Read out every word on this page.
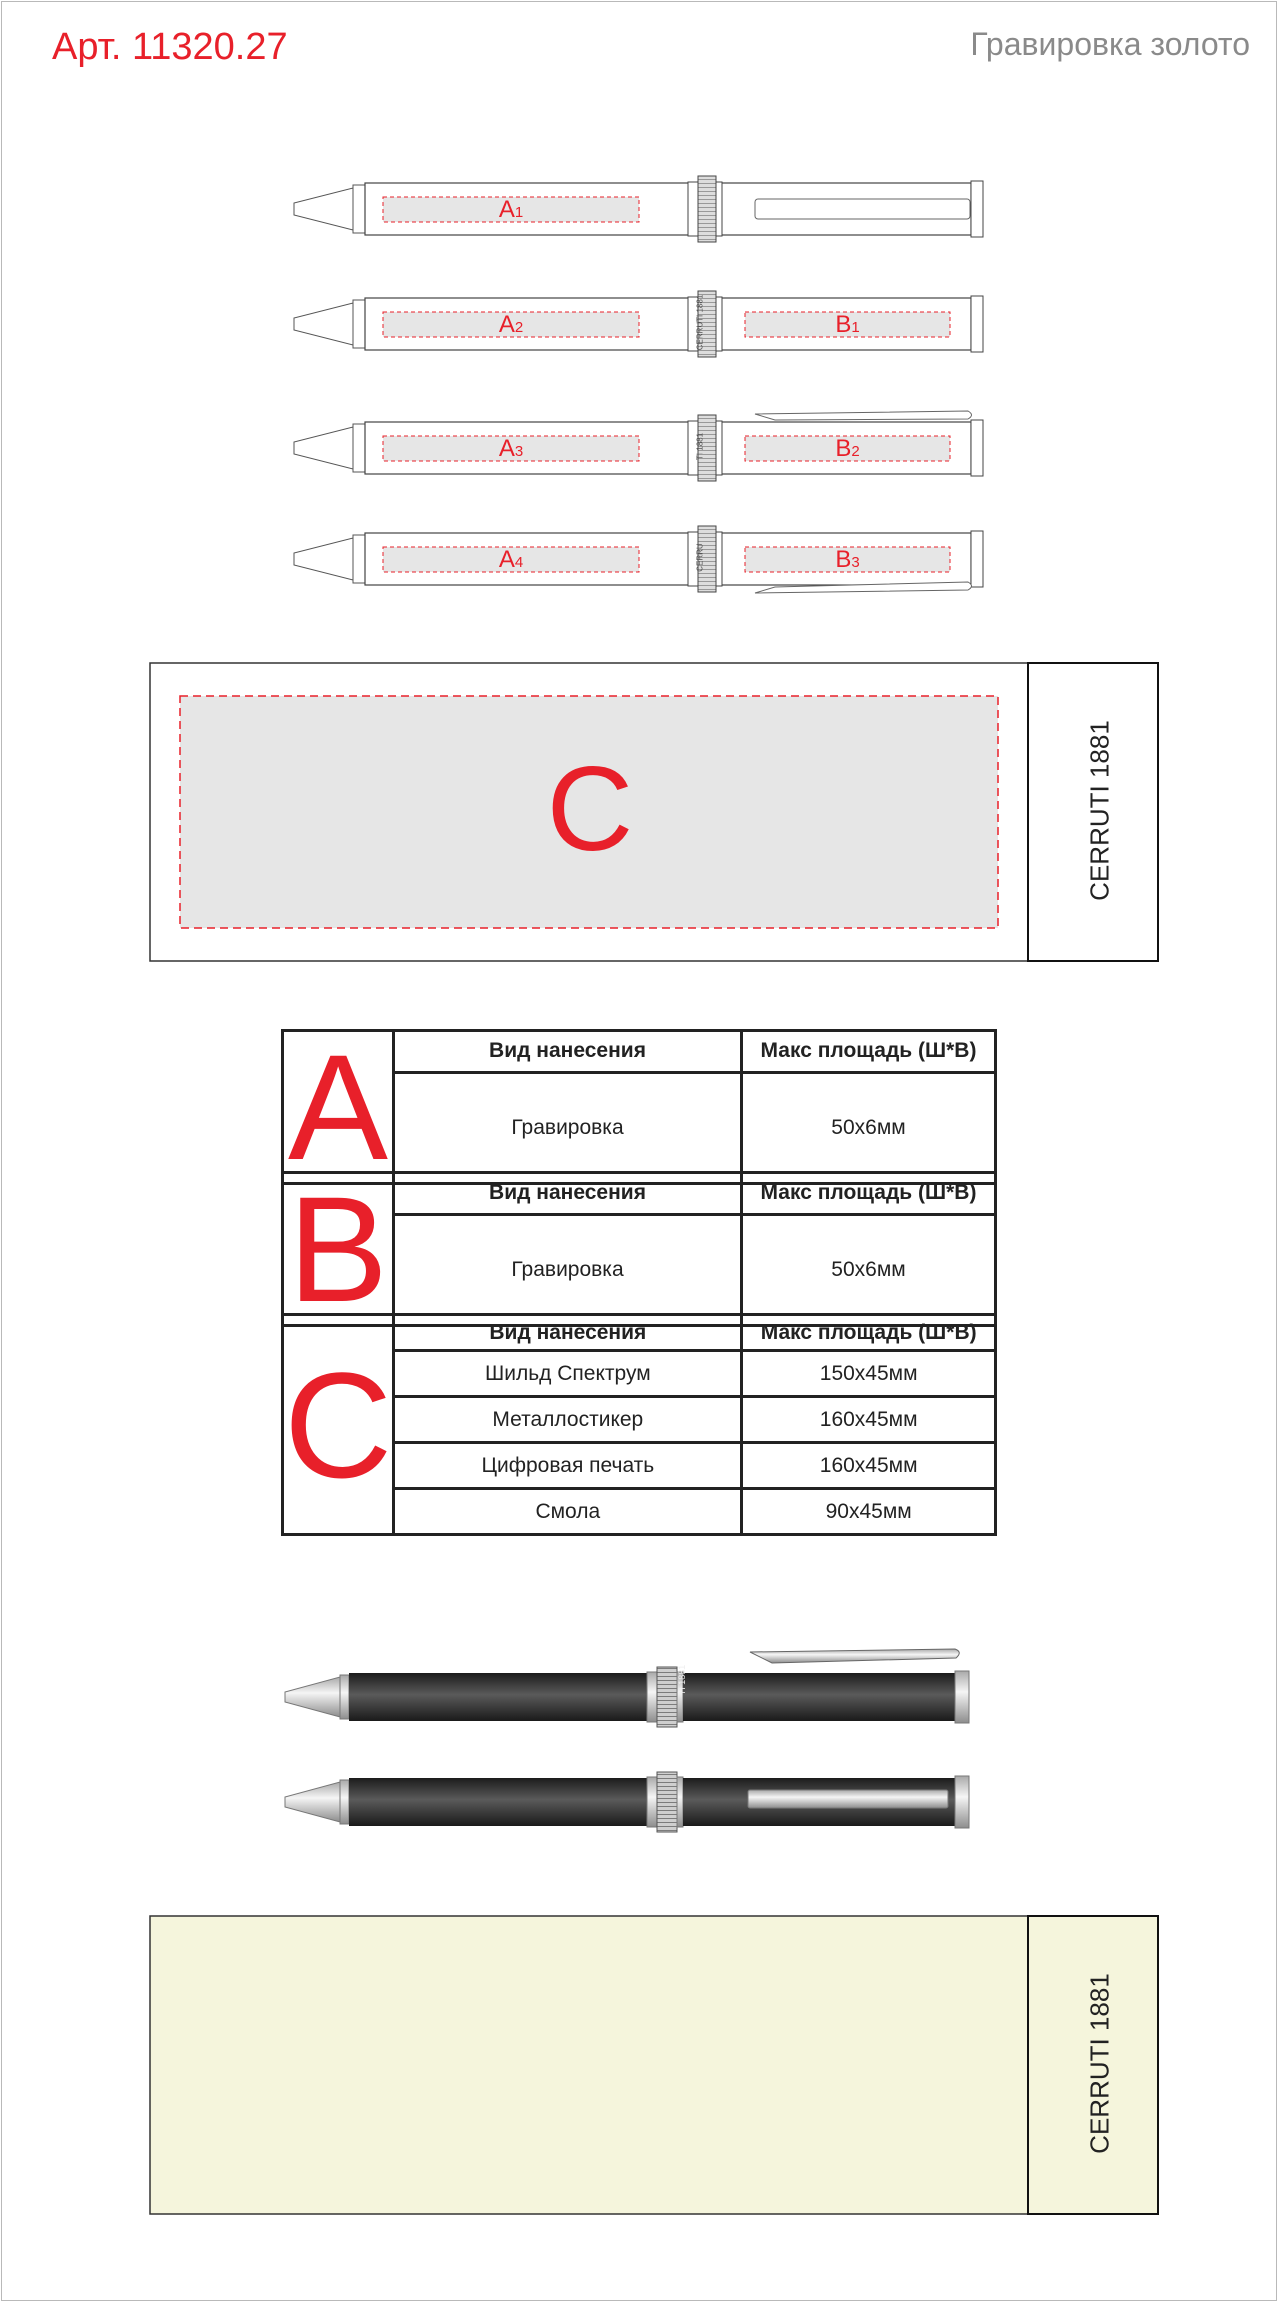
Арт. 11320.27	Гравировка золото
A1
A2	B1
CERRUTI 1881
A3	B2
TI 1881
A4	B3
CERRU
C	CERRUTI 1881
A	Вид нанесения	Макс площадь (Ш*В)
	Гравировка	50х6мм
B	Вид нанесения	Макс площадь (Ш*В)
	Гравировка	50х6мм
C	Вид нанесения	Макс площадь (Ш*В)
	Шильд Спектрум	150х45мм
	Металлостикер	160х45мм
	Цифровая печать	160х45мм
	Смола	90х45мм
TI 1881
CERRUTI 1881
